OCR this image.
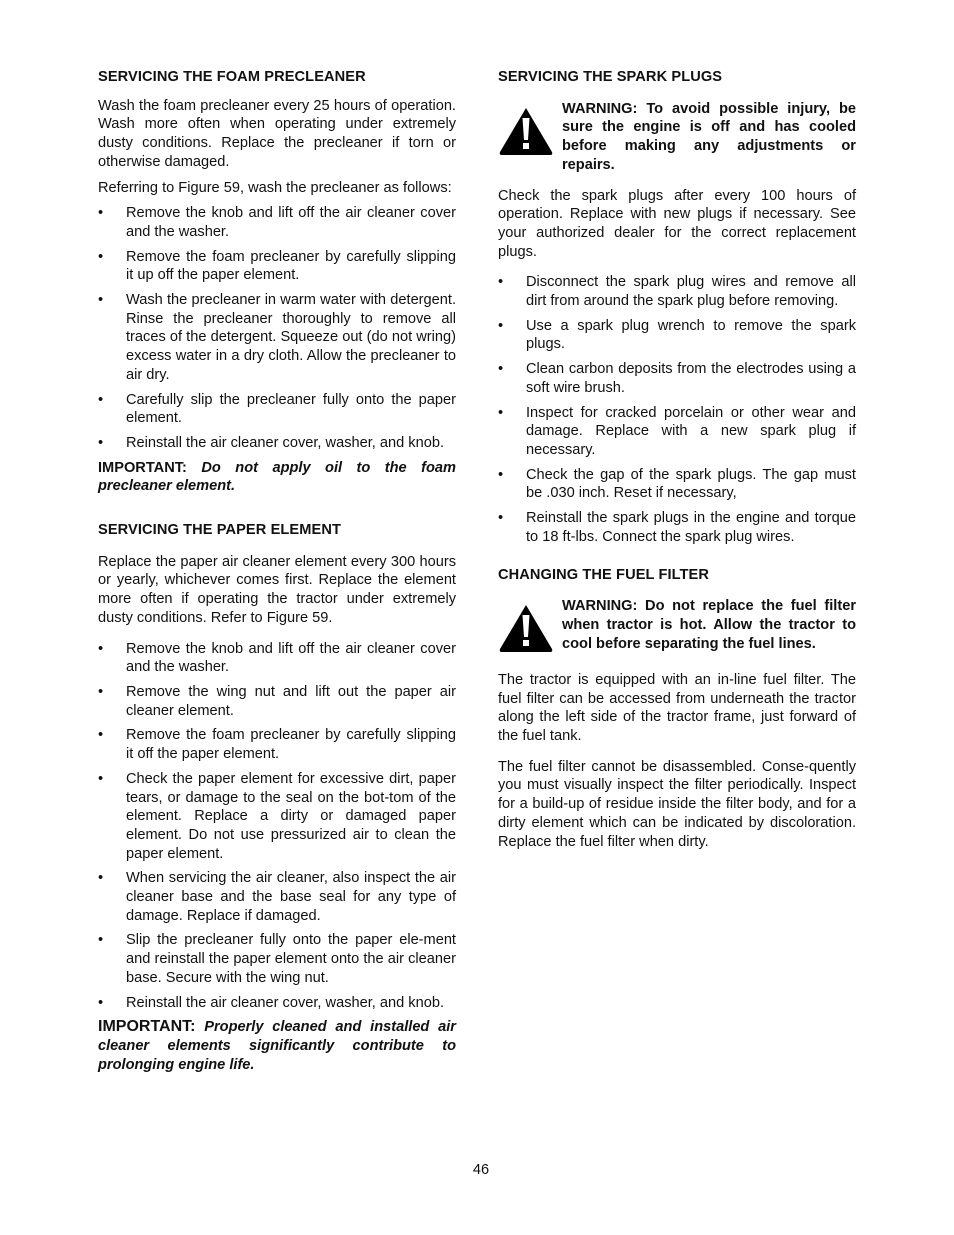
SERVICING THE FOAM PRECLEANER

Wash the foam precleaner every 25 hours of operation. Wash more often when operating under extremely dusty conditions. Replace the precleaner if torn or otherwise damaged.

Referring to Figure 59, wash the precleaner as follows:

• Remove the knob and lift off the air cleaner cover and the washer.
• Remove the foam precleaner by carefully slipping it up off the paper element.
• Wash the precleaner in warm water with detergent. Rinse the precleaner thoroughly to remove all traces of the detergent. Squeeze out (do not wring) excess water in a dry cloth. Allow the precleaner to air dry.
• Carefully slip the precleaner fully onto the paper element.
• Reinstall the air cleaner cover, washer, and knob.

IMPORTANT: Do not apply oil to the foam precleaner element.

SERVICING THE PAPER ELEMENT

Replace the paper air cleaner element every 300 hours or yearly, whichever comes first. Replace the element more often if operating the tractor under extremely dusty conditions. Refer to Figure 59.

• Remove the knob and lift off the air cleaner cover and the washer.
• Remove the wing nut and lift out the paper air cleaner element.
• Remove the foam precleaner by carefully slipping it off the paper element.
• Check the paper element for excessive dirt, paper tears, or damage to the seal on the bot-tom of the element. Replace a dirty or damaged paper element. Do not use pressurized air to clean the paper element.
• When servicing the air cleaner, also inspect the air cleaner base and the base seal for any type of damage. Replace if damaged.
• Slip the precleaner fully onto the paper ele-ment and reinstall the paper element onto the air cleaner base. Secure with the wing nut.
• Reinstall the air cleaner cover, washer, and knob.

IMPORTANT: Properly cleaned and installed air cleaner elements significantly contribute to prolonging engine life.

SERVICING THE SPARK PLUGS
WARNING: To avoid possible injury, be sure the engine is off and has cooled before making any adjustments or repairs.

Check the spark plugs after every 100 hours of operation. Replace with new plugs if necessary. See your authorized dealer for the correct replacement plugs.

• Disconnect the spark plug wires and remove all dirt from around the spark plug before removing.
• Use a spark plug wrench to remove the spark plugs.
• Clean carbon deposits from the electrodes using a soft wire brush.
• Inspect for cracked porcelain or other wear and damage. Replace with a new spark plug if necessary.
• Check the gap of the spark plugs. The gap must be .030 inch. Reset if necessary,
• Reinstall the spark plugs in the engine and torque to 18 ft-lbs. Connect the spark plug wires.
CHANGING THE FUEL FILTER
WARNING: Do not replace the fuel filter when tractor is hot. Allow the tractor to cool before separating the fuel lines.

The tractor is equipped with an in-line fuel filter. The fuel filter can be accessed from underneath the tractor along the left side of the tractor frame, just forward of the fuel tank.

The fuel filter cannot be disassembled. Conse-quently you must visually inspect the filter periodically. Inspect for a build-up of residue inside the filter body, and for a dirty element which can be indicated by discoloration. Replace the fuel filter when dirty.

46
